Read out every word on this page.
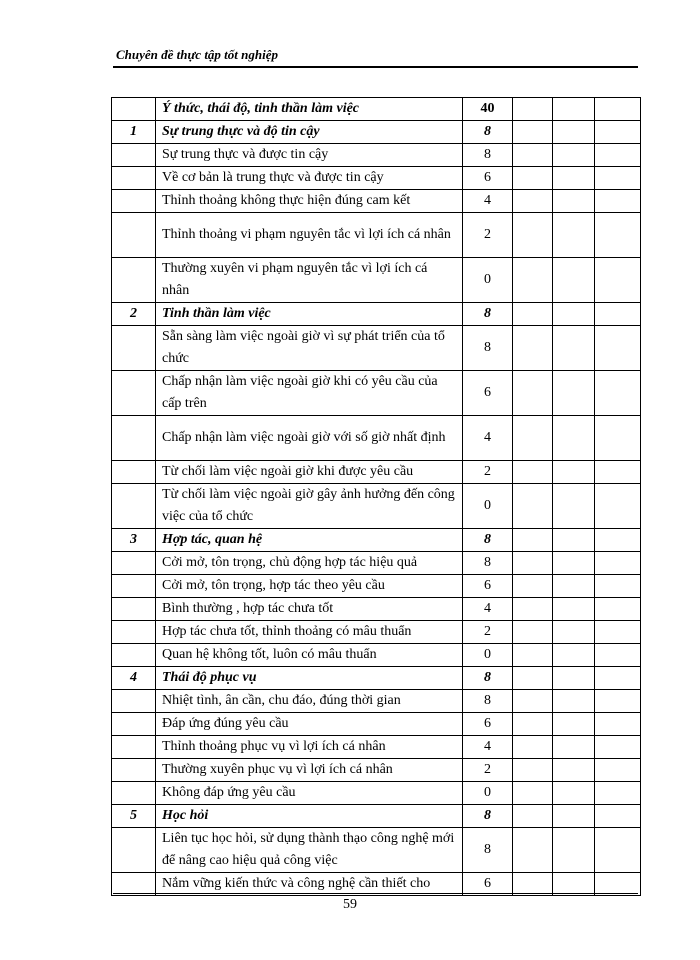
Chuyên đề thực tập tốt nghiệp
	Ý thức, thái độ, tinh thần làm việc	40			
1	Sự trung thực và độ tin cậy	8			
	Sự trung thực và được tin cậy	8			
	Về cơ bản là trung thực và được tin cậy	6			
	Thỉnh thoảng không thực hiện đúng cam kết	4			
	Thỉnh thoảng vi phạm nguyên tắc vì lợi ích cá nhân	2			
	Thường xuyên vi phạm nguyên tắc vì lợi ích cá nhân	0			
2	Tinh thần làm việc	8			
	Sẵn sàng làm việc ngoài giờ vì sự phát triển của tổ chức	8			
	Chấp nhận làm việc ngoài giờ khi có yêu cầu của cấp trên	6			
	Chấp nhận làm việc ngoài giờ với số giờ nhất định	4			
	Từ chối làm việc ngoài giờ khi được yêu cầu	2			
	Từ chối làm việc ngoài giờ gây ảnh hưởng đến công việc của tổ chức	0			
3	Hợp tác, quan hệ	8			
	Cởi mở, tôn trọng, chủ động hợp tác hiệu quả	8			
	Cởi mở, tôn trọng, hợp tác theo yêu cầu	6			
	Bình thường , hợp tác chưa tốt	4			
	Hợp tác chưa tốt, thỉnh thoảng có mâu thuẩn	2			
	Quan hệ không tốt, luôn có mâu thuẩn	0			
4	Thái độ phục vụ	8			
	Nhiệt tình, ân cần, chu đáo, đúng thời gian	8			
	Đáp ứng đúng yêu cầu	6			
	Thỉnh thoảng phục vụ vì lợi ích cá nhân	4			
	Thường xuyên phục vụ vì lợi ích cá nhân	2			
	Không đáp ứng yêu cầu	0			
5	Học hỏi	8			
	Liên tục học hỏi, sử dụng thành thạo công nghệ mới để nâng cao hiệu quả công việc	8			
	Nắm vững kiến thức và công nghệ cần thiết cho	6			
59
